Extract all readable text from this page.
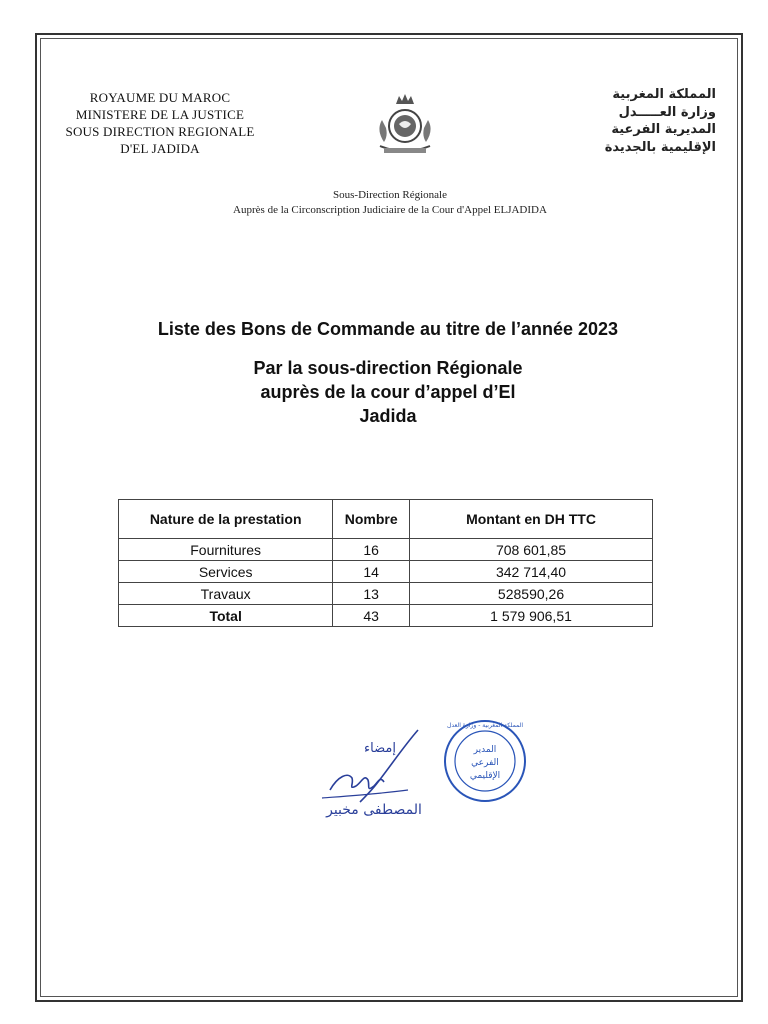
ROYAUME DU MAROC
MINISTERE DE LA JUSTICE
SOUS DIRECTION REGIONALE
D'EL JADIDA
المملكة المغربية
وزارة العـــــدل
المديرية الفرعية
الإقليمية بالجديدة
Sous-Direction Régionale
Auprès de la Circonscription Judiciaire de la Cour d'Appel ELJADIDA
Liste des Bons de Commande au titre de l’année 2023
Par la sous-direction Régionale auprès de la cour d’appel d’El Jadida
Nature de la prestation	Nombre	Montant en DH TTC
Fournitures	16	708 601,85
Services	14	342 714,40
Travaux	13	528590,26
Total	43	1 579 906,51
إمضاء
المصطفى مخبير
المملكة المغربية - وزارة العدل
المدير
الفرعي
الإقليمي
